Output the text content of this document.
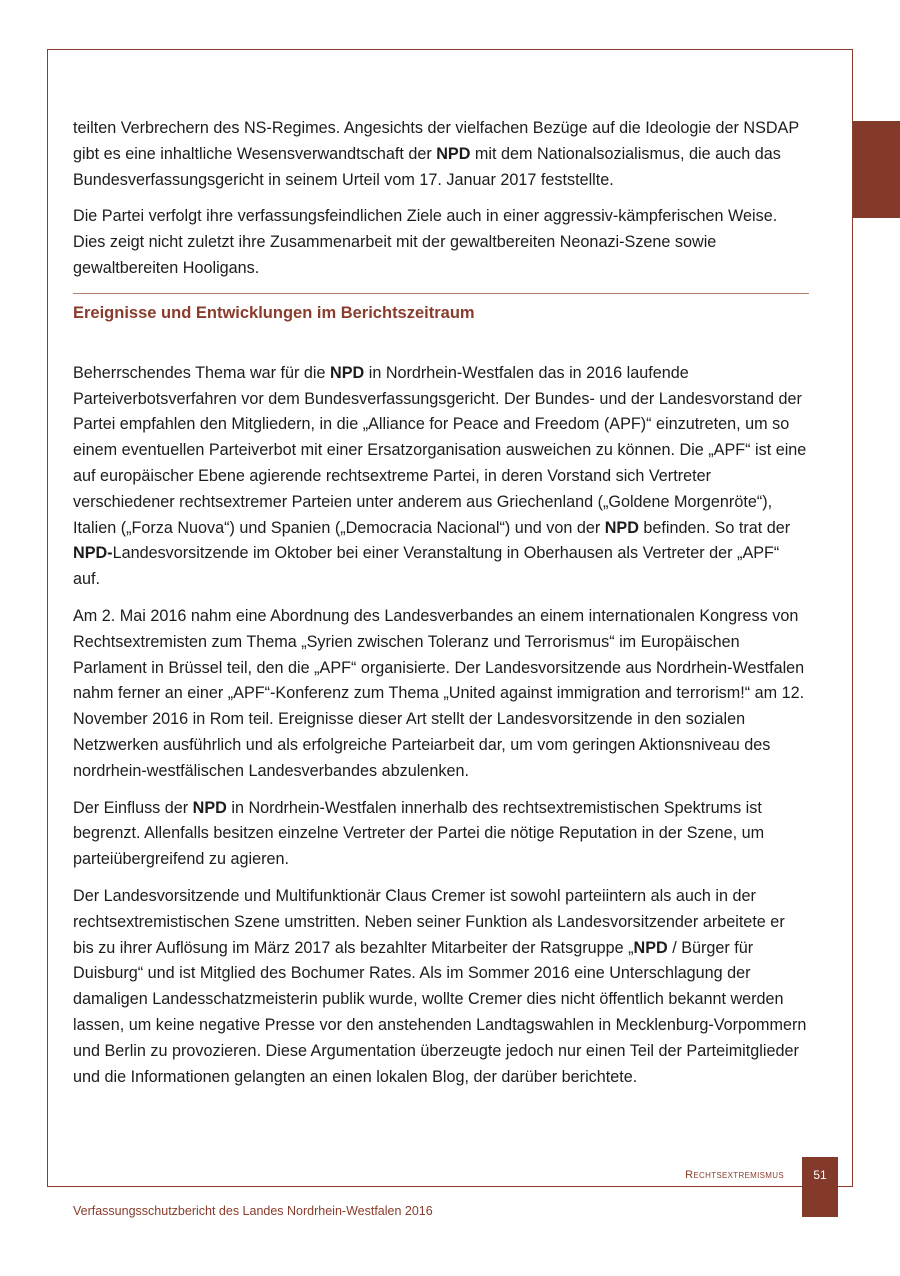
teilten Verbrechern des NS-Regimes. Angesichts der vielfachen Bezüge auf die Ideologie der NSDAP gibt es eine inhaltliche Wesensverwandtschaft der NPD mit dem Nationalsozialismus, die auch das Bundesverfassungsgericht in seinem Urteil vom 17. Januar 2017 feststellte.

Die Partei verfolgt ihre verfassungsfeindlichen Ziele auch in einer aggressiv-kämpferischen Weise. Dies zeigt nicht zuletzt ihre Zusammenarbeit mit der gewaltbereiten Neonazi-Szene sowie gewaltbereiten Hooligans.

Ereignisse und Entwicklungen im Berichtszeitraum

Beherrschendes Thema war für die NPD in Nordrhein-Westfalen das in 2016 laufende Parteiverbotsverfahren vor dem Bundesverfassungsgericht. Der Bundes- und der Landesvorstand der Partei empfahlen den Mitgliedern, in die „Alliance for Peace and Freedom (APF)“ einzutreten, um so einem eventuellen Parteiverbot mit einer Ersatzorganisation ausweichen zu können. Die „APF“ ist eine auf europäischer Ebene agierende rechtsextreme Partei, in deren Vorstand sich Vertreter verschiedener rechtsextremer Parteien unter anderem aus Griechenland („Goldene Morgenröte“), Italien („Forza Nuova“) und Spanien („Democracia Nacional“) und von der NPD befinden. So trat der NPD-Landesvorsitzende im Oktober bei einer Veranstaltung in Oberhausen als Vertreter der „APF“ auf.

Am 2. Mai 2016 nahm eine Abordnung des Landesverbandes an einem internationalen Kongress von Rechtsextremisten zum Thema „Syrien zwischen Toleranz und Terrorismus“ im Europäischen Parlament in Brüssel teil, den die „APF“ organisierte. Der Landesvorsitzende aus Nordrhein-Westfalen nahm ferner an einer „APF“-Konferenz zum Thema „United against immigration and terrorism!“ am 12. November 2016 in Rom teil. Ereignisse dieser Art stellt der Landesvorsitzende in den sozialen Netzwerken ausführlich und als erfolgreiche Parteiarbeit dar, um vom geringen Aktionsniveau des nordrhein-westfälischen Landesverbandes abzulenken.

Der Einfluss der NPD in Nordrhein-Westfalen innerhalb des rechtsextremistischen Spektrums ist begrenzt. Allenfalls besitzen einzelne Vertreter der Partei die nötige Reputation in der Szene, um parteiübergreifend zu agieren.

Der Landesvorsitzende und Multifunktionär Claus Cremer ist sowohl parteiintern als auch in der rechtsextremistischen Szene umstritten. Neben seiner Funktion als Landesvorsitzender arbeitete er bis zu ihrer Auflösung im März 2017 als bezahlter Mitarbeiter der Ratsgruppe „NPD / Bürger für Duisburg“ und ist Mitglied des Bochumer Rates. Als im Sommer 2016 eine Unterschlagung der damaligen Landesschatzmeisterin publik wurde, wollte Cremer dies nicht öffentlich bekannt werden lassen, um keine negative Presse vor den anstehenden Landtagswahlen in Mecklenburg-Vorpommern und Berlin zu provozieren. Diese Argumentation überzeugte jedoch nur einen Teil der Parteimitglieder und die Informationen gelangten an einen lokalen Blog, der darüber berichtete.

Rechtsextremismus	51
Verfassungsschutzbericht des Landes Nordrhein-Westfalen 2016
